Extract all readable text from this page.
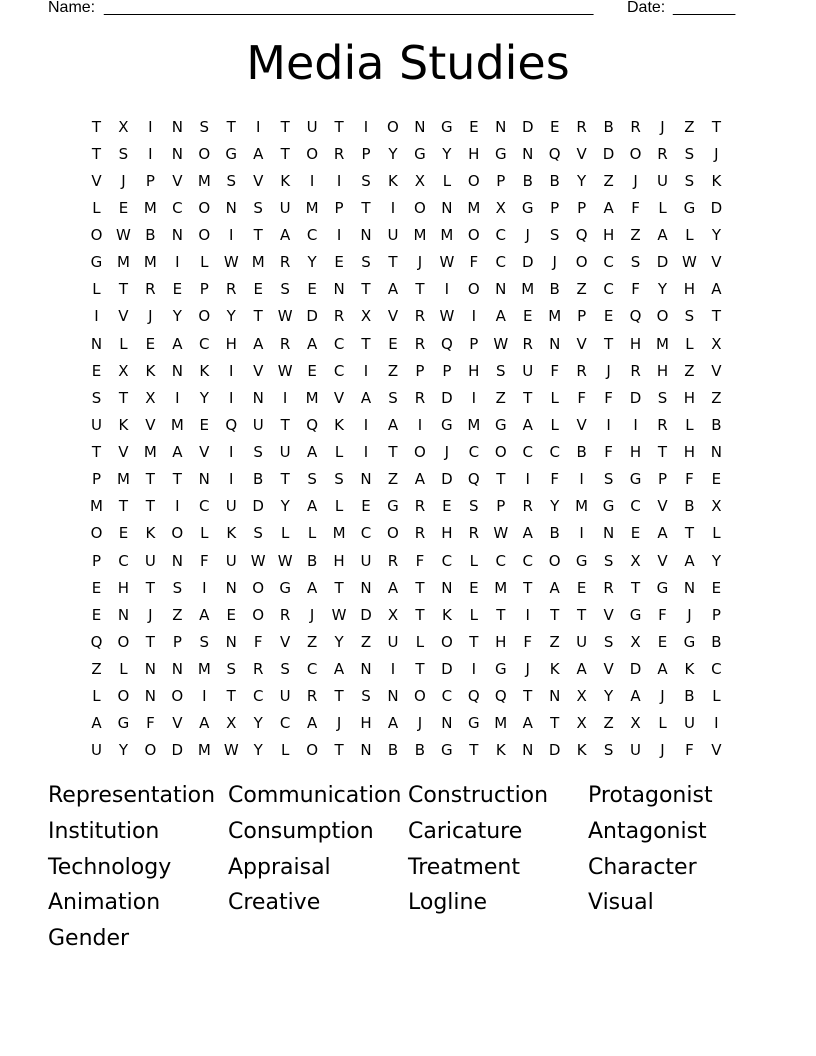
Name: _______________________________________________________ Date: _______
Media Studies
T	X	I	N	S	T	I	T	U	T	I	O	N	G	E	N	D	E	R	B	R	J	Z	T
T	S	I	N	O	G	A	T	O	R	P	Y	G	Y	H	G	N	Q	V	D	O	R	S	J
V	J	P	V	M	S	V	K	I	I	S	K	X	L	O	P	B	B	Y	Z	J	U	S	K
L	E	M	C	O	N	S	U M	P	T	I	O	N M	X	G	P	P	A	F	L	G	D
O W B	N	O	I	T	A	C	I	N	U M M O	C	J	S	Q	H	Z	A	L	Y
G M M	I	L	W M	R	Y	E	S	T	J	W	F	C	D	J	O	C	S	D W V
L	T	R	E	P	R	E	S	E	N	T	A	T	I	O	N M	B	Z	C	F	Y	H	A
I	V	J	Y	O	Y	T W D	R	X	V	R W	I	A	E	M	P	E	Q	O	S	T
N	L	E	A	C	H	A	R	A	C	T	E	R	Q	P	W R	N	V	T	H M	L	X
E	X	K	N	K	I	V W E	C	I	Z	P	P	H	S	U	F	R	J	R	H	Z	V
S	T	X	I	Y	I	N	I	M	V	A	S	R	D	I	Z	T	L	F	F	D	S	H	Z
U	K	V	M	E	Q	U	T	Q	K	I	A	I	G M G	A	L	V	I	I	R	L	B
T	V	M	A	V	I	S	U	A	L	I	T	O	J	C	O	C	C	B	F	H	T	H	N
P	M	T	T	N	I	B	T	S	S	N	Z	A	D	Q	T	I	F	I	S	G	P	F	E
M	T	T	I	C	U	D	Y	A	L	E	G	R	E	S	P	R	Y	M G	C	V	B	X
O	E	K	O	L	K	S	L	L	M	C	O	R	H	R W A	B	I	N	E	A	T	L
P	C	U	N	F	U W W B	H	U	R	F	C	L	C	C	O	G	S	X	V	A	Y
E	H	T	S	I	N	O	G	A	T	N	A	T	N	E	M	T	A	E	R	T	G	N	E
E	N	J	Z	A	E	O	R	J	W D	X	T	K	L	T	I	T	T	V	G	F	J	P
Q	O	T	P	S	N	F	V	Z	Y	Z	U	L	O	T	H	F	Z	U	S	X	E	G	B
Z	L	N	N M	S	R	S	C	A	N	I	T	D	I	G	J	K	A	V	D	A	K	C
L	O	N	O	I	T	C	U	R	T	S	N	O	C	Q	Q	T	N	X	Y	A	J	B	L
A	G	F	V	A	X	Y	C	A	J	H	A	J	N	G M	A	T	X	Z	X	L	U	I
U	Y	O	D M W Y	L	O	T	N	B	B	G	T	K	N	D	K	S	U	J	F	V
Representation Communication Construction	Protagonist
Institution	Consumption	Caricature	Antagonist
Technology	Appraisal	Treatment	Character
Animation	Creative	Logline	Visual
Gender
